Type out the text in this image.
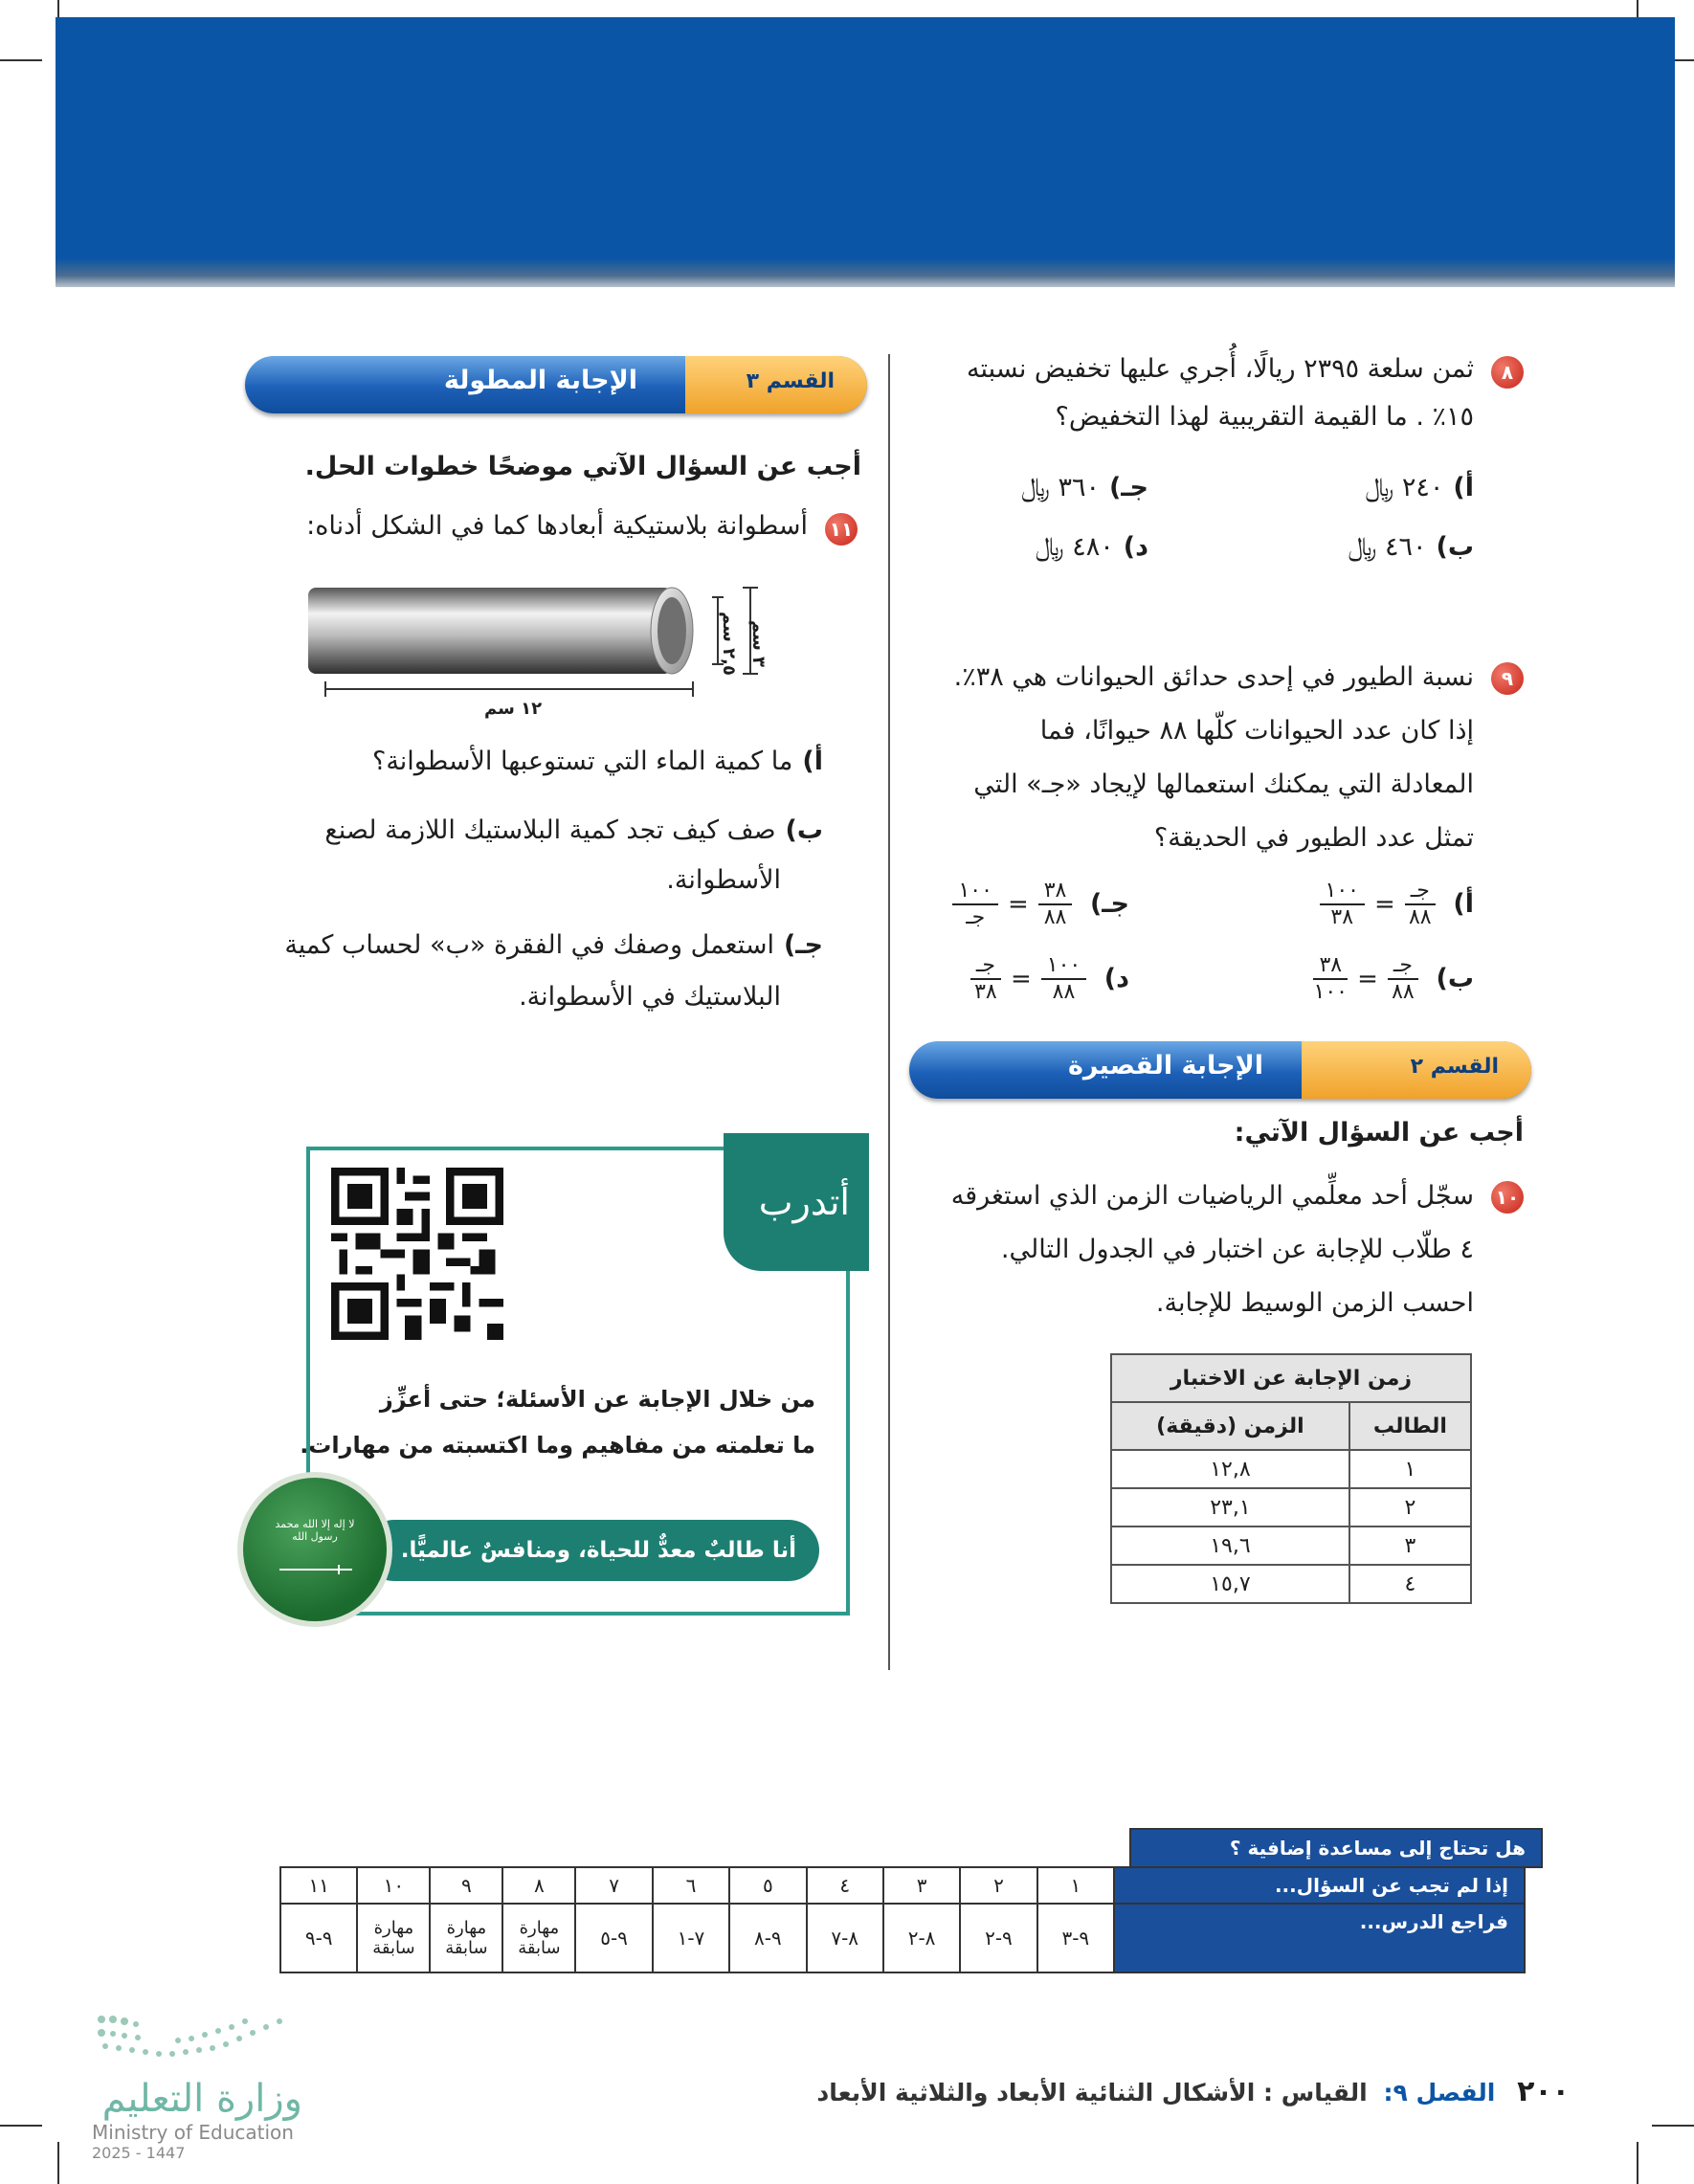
٨
ثمن سلعة ٢٣٩٥ ريالًا، أُجري عليها تخفيض نسبته
١٥٪ . ما القيمة التقريبية لهذا التخفيض؟
أ)٢٤٠ ﷼
جـ)٣٦٠ ﷼
ب)٤٦٠ ﷼
د)٤٨٠ ﷼
٩
نسبة الطيور في إحدى حدائق الحيوانات هي ٣٨٪.
إذا كان عدد الحيوانات كلّها ٨٨ حيوانًا، فما
المعادلة التي يمكنك استعمالها لإيجاد «جـ» التي
تمثل عدد الطيور في الحديقة؟
أ)
$\frac{\text{جـ}}{٨٨}$
=
$\frac{١٠٠}{٣٨}$
جـ)
$\frac{٣٨}{٨٨}$
=
$\frac{١٠٠}{\text{جـ}}$
ب)
$\frac{\text{جـ}}{٨٨}$
=
$\frac{٣٨}{١٠٠}$
د)
$\frac{١٠٠}{٨٨}$
=
$\frac{\text{جـ}}{٣٨}$
القسم ٢
الإجابة القصيرة
أجب عن السؤال الآتي:
١٠
سجّل أحد معلِّمي الرياضيات الزمن الذي استغرقه
٤ طلّاب للإجابة عن اختبار في الجدول التالي.
احسب الزمن الوسيط للإجابة.
زمن الإجابة عن الاختبار	
الطالب	الزمن (دقيقة)
١	١٢,٨
٢	٢٣,١
٣	١٩,٦
٤	١٥,٧
القسم ٣
الإجابة المطولة
أجب عن السؤال الآتي موضحًا خطوات الحل.
١١
أسطوانة بلاستيكية أبعادها كما في الشكل أدناه:
٣ سم
٢,٥ سم
١٢ سم
أ)ما كمية الماء التي تستوعبها الأسطوانة؟
ب)صف كيف تجد كمية البلاستيك اللازمة لصنع
الأسطوانة.
جـ)استعمل وصفك في الفقرة «ب» لحساب كمية
البلاستيك في الأسطوانة.
أتدرب
من خلال الإجابة عن الأسئلة؛ حتى أعزِّز
ما تعلمته من مفاهيم وما اكتسبته من مهارات.
أنا طالبٌ معدٌّ للحياة، ومنافسٌ عالميًّا.
لا إله إلا الله محمد رسول الله
هل تحتاج إلى مساعدة إضافية ؟
إذا لم تجب عن السؤال...	١	٢	٣	٤	٥	٦	٧	٨	٩	١٠	١١
فراجع الدرس...	٩-٣	٩-٢	٨-٢	٨-٧	٩-٨	٧-١	٩-٥	مهارة سابقة	مهارة سابقة	مهارة سابقة	٩-٩
وزارة التعليم
Ministry of Education
2025 - 1447
٢٠٠ الفصل ٩: القياس : الأشكال الثنائية الأبعاد والثلاثية الأبعاد
